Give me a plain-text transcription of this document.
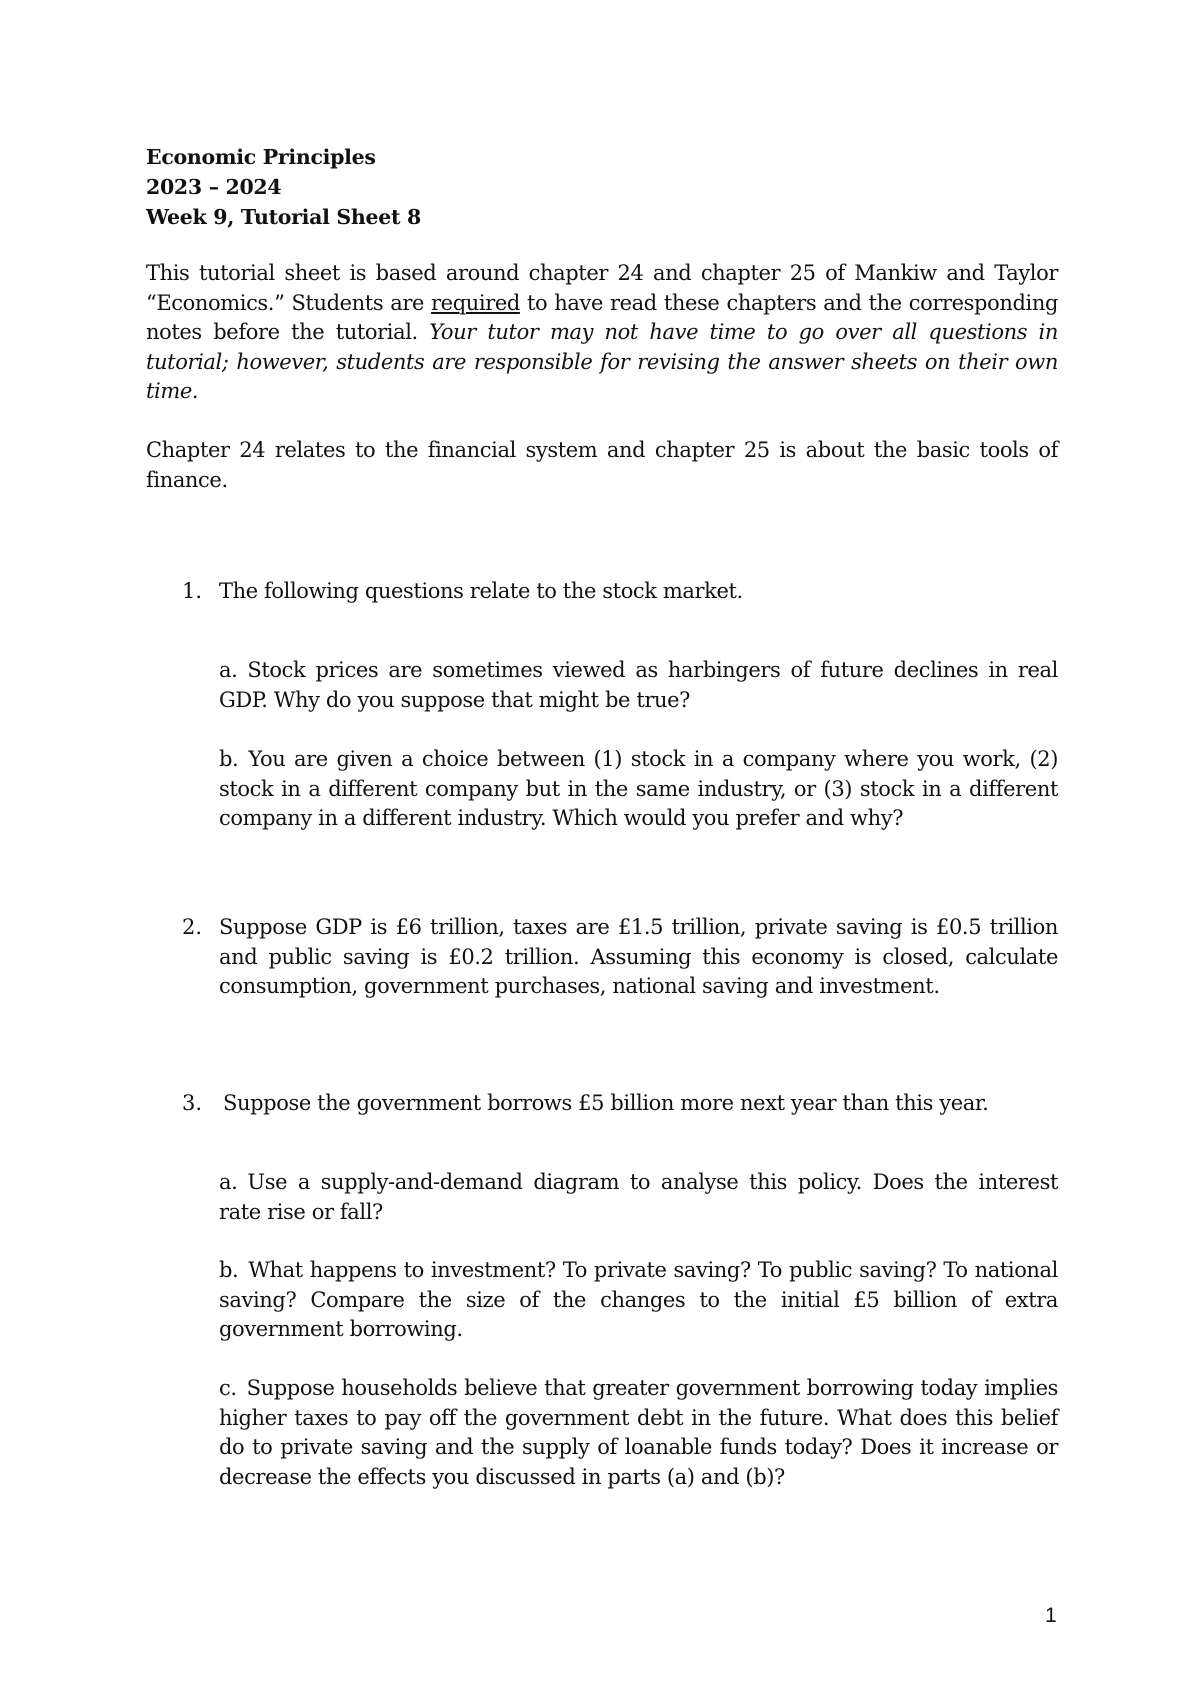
Economic Principles
2023 – 2024
Week 9, Tutorial Sheet 8

This tutorial sheet is based around chapter 24 and chapter 25 of Mankiw and Taylor “Economics.” Students are required to have read these chapters and the corresponding notes before the tutorial. Your tutor may not have time to go over all questions in tutorial; however, students are responsible for revising the answer sheets on their own time.

Chapter 24 relates to the financial system and chapter 25 is about the basic tools of finance.

1. The following questions relate to the stock market.
a. Stock prices are sometimes viewed as harbingers of future declines in real GDP. Why do you suppose that might be true?
b. You are given a choice between (1) stock in a company where you work, (2) stock in a different company but in the same industry, or (3) stock in a different company in a different industry. Which would you prefer and why?
2. Suppose GDP is £6 trillion, taxes are £1.5 trillion, private saving is £0.5 trillion and public saving is £0.2 trillion. Assuming this economy is closed, calculate consumption, government purchases, national saving and investment.
3. Suppose the government borrows £5 billion more next year than this year.
a. Use a supply-and-demand diagram to analyse this policy. Does the interest rate rise or fall?
b. What happens to investment? To private saving? To public saving? To national saving? Compare the size of the changes to the initial £5 billion of extra government borrowing.
c. Suppose households believe that greater government borrowing today implies higher taxes to pay off the government debt in the future. What does this belief do to private saving and the supply of loanable funds today? Does it increase or decrease the effects you discussed in parts (a) and (b)?
1
